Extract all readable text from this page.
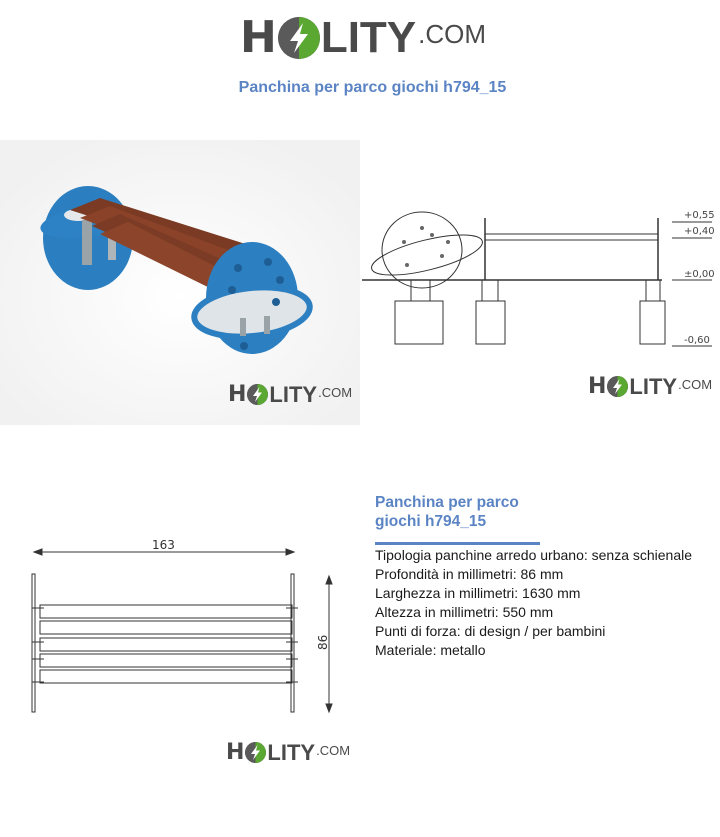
H LITY .COM
Panchina per parco giochi h794_15
H LITY .COM
+0,55
+0,40
±0,00
-0,60
H LITY .COM
163
86
H LITY .COM
Panchina per parco
giochi h794_15
Tipologia panchine arredo urbano: senza schienale
Profondità in millimetri: 86 mm
Larghezza in millimetri: 1630 mm
Altezza in millimetri: 550 mm
Punti di forza: di design / per bambini
Materiale: metallo
